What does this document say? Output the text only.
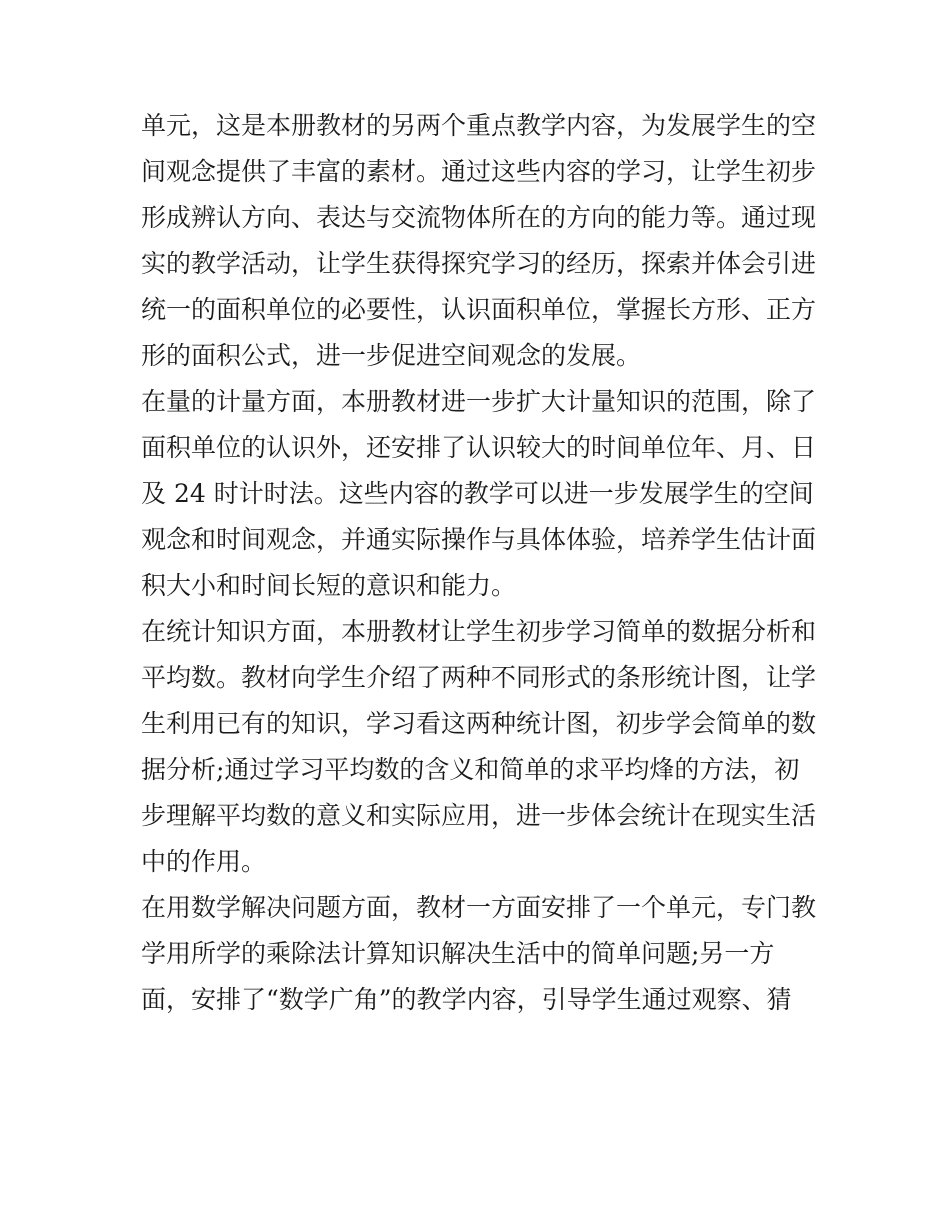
单元，这是本册教材的另两个重点教学内容，为发展学生的空
间观念提供了丰富的素材。通过这些内容的学习，让学生初步
形成辨认方向、表达与交流物体所在的方向的能力等。通过现
实的教学活动，让学生获得探究学习的经历，探索并体会引进
统一的面积单位的必要性，认识面积单位，掌握长方形、正方
形的面积公式，进一步促进空间观念的发展。
在量的计量方面，本册教材进一步扩大计量知识的范围，除了
面积单位的认识外，还安排了认识较大的时间单位年、月、日
及 24 时计时法。这些内容的教学可以进一步发展学生的空间
观念和时间观念，并通实际操作与具体体验，培养学生估计面
积大小和时间长短的意识和能力。
在统计知识方面，本册教材让学生初步学习简单的数据分析和
平均数。教材向学生介绍了两种不同形式的条形统计图，让学
生利用已有的知识，学习看这两种统计图，初步学会简单的数
据分析;通过学习平均数的含义和简单的求平均烽的方法，初
步理解平均数的意义和实际应用，进一步体会统计在现实生活
中的作用。
在用数学解决问题方面，教材一方面安排了一个单元，专门教
学用所学的乘除法计算知识解决生活中的简单问题;另一方
面，安排了“数学广角”的教学内容，引导学生通过观察、猜
